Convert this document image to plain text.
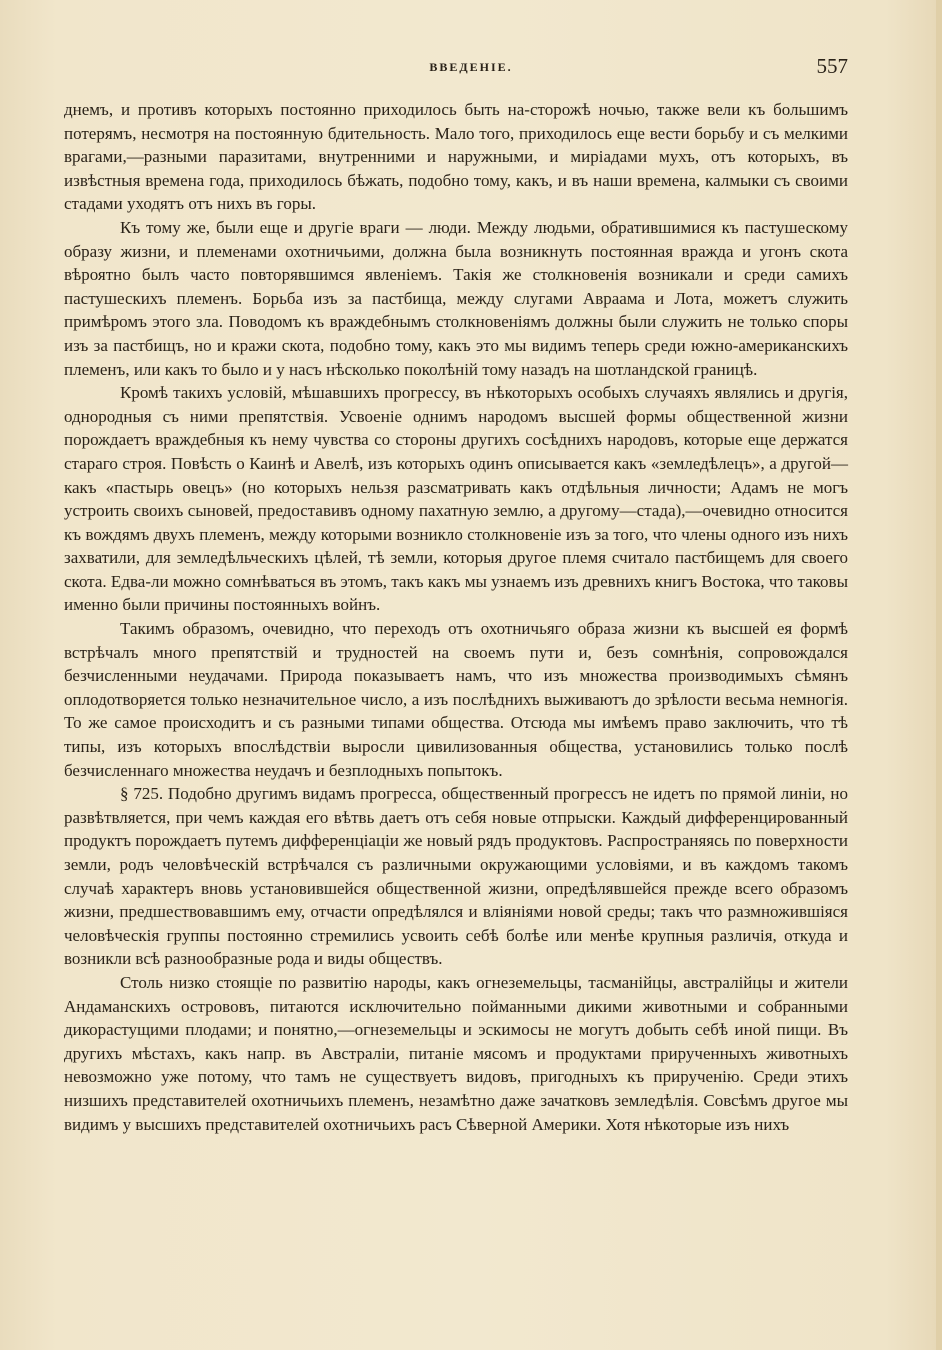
ВВЕДЕНІЕ.	557

днемъ, и противъ которыхъ постоянно приходилось быть на-сторожѣ ночью, также вели къ большимъ потерямъ, несмотря на постоянную бдительность. Мало того, приходилось еще вести борьбу и съ мелкими врагами,—разными паразитами, внутренними и наружными, и миріадами мухъ, отъ которыхъ, въ извѣстныя времена года, приходилось бѣжать, подобно тому, какъ, и въ наши времена, калмыки съ своими стадами уходятъ отъ нихъ въ горы.

Къ тому же, были еще и другіе враги — люди. Между людьми, обратившимися къ пастушескому образу жизни, и племенами охотничьими, должна была возникнуть постоянная вражда и угонъ скота вѣроятно былъ часто повторявшимся явленіемъ. Такія же столкновенія возникали и среди самихъ пастушескихъ племенъ. Борьба изъ за пастбища, между слугами Авраама и Лота, можетъ служить примѣромъ этого зла. Поводомъ къ враждебнымъ столкновеніямъ должны были служить не только споры изъ за пастбищъ, но и кражи скота, подобно тому, какъ это мы видимъ теперь среди южно-американскихъ племенъ, или какъ то было и у насъ нѣсколько поколѣній тому назадъ на шотландской границѣ.

Кромѣ такихъ условій, мѣшавшихъ прогрессу, въ нѣкоторыхъ особыхъ случаяхъ являлись и другія, однородныя съ ними препятствія. Усвоеніе однимъ народомъ высшей формы общественной жизни порождаетъ враждебныя къ нему чувства со стороны другихъ сосѣднихъ народовъ, которые еще держатся стараго строя. Повѣсть о Каинѣ и Авелѣ, изъ которыхъ одинъ описывается какъ «земледѣлецъ», а другой—какъ «пастырь овецъ» (но которыхъ нельзя разсматривать какъ отдѣльныя личности; Адамъ не могъ устроить своихъ сыновей, предоставивъ одному пахатную землю, а другому—стада),—очевидно относится къ вождямъ двухъ племенъ, между которыми возникло столкновеніе изъ за того, что члены одного изъ нихъ захватили, для земледѣльческихъ цѣлей, тѣ земли, которыя другое племя считало пастбищемъ для своего скота. Едва-ли можно сомнѣваться въ этомъ, такъ какъ мы узнаемъ изъ древнихъ книгъ Востока, что таковы именно были причины постоянныхъ войнъ.

Такимъ образомъ, очевидно, что переходъ отъ охотничьяго образа жизни къ высшей ея формѣ встрѣчалъ много препятствій и трудностей на своемъ пути и, безъ сомнѣнія, сопровождался безчисленными неудачами. Природа показываетъ намъ, что изъ множества производимыхъ сѣмянъ оплодотворяется только незначительное число, а изъ послѣднихъ выживаютъ до зрѣлости весьма немногія. То же самое происходитъ и съ разными типами общества. Отсюда мы имѣемъ право заключить, что тѣ типы, изъ которыхъ впослѣдствіи выросли цивилизованныя общества, установились только послѣ безчисленнаго множества неудачъ и безплодныхъ попытокъ.

§ 725. Подобно другимъ видамъ прогресса, общественный прогрессъ не идетъ по прямой линіи, но развѣтвляется, при чемъ каждая его вѣтвь даетъ отъ себя новые отпрыски. Каждый дифференцированный продуктъ порождаетъ путемъ дифференціаціи же новый рядъ продуктовъ. Распространяясь по поверхности земли, родъ человѣческій встрѣчался съ различными окружающими условіями, и въ каждомъ такомъ случаѣ характеръ вновь установившейся общественной жизни, опредѣлявшейся прежде всего образомъ жизни, предшествовавшимъ ему, отчасти опредѣлялся и вліяніями новой среды; такъ что размножившіяся человѣческія группы постоянно стремились усвоить себѣ болѣе или менѣе крупныя различія, откуда и возникли всѣ разнообразные рода и виды обществъ.

Столь низко стоящіе по развитію народы, какъ огнеземельцы, тасманійцы, австралійцы и жители Андаманскихъ острововъ, питаются исключительно пойманными дикими животными и собранными дикорастущими плодами; и понятно,—огнеземельцы и эскимосы не могутъ добыть себѣ иной пищи. Въ другихъ мѣстахъ, какъ напр. въ Австраліи, питаніе мясомъ и продуктами прирученныхъ животныхъ невозможно уже потому, что тамъ не существуетъ видовъ, пригодныхъ къ прирученію. Среди этихъ низшихъ представителей охотничьихъ племенъ, незамѣтно даже зачатковъ земледѣлія. Совсѣмъ другое мы видимъ у высшихъ представителей охотничьихъ расъ Сѣверной Америки. Хотя нѣкоторые изъ нихъ
